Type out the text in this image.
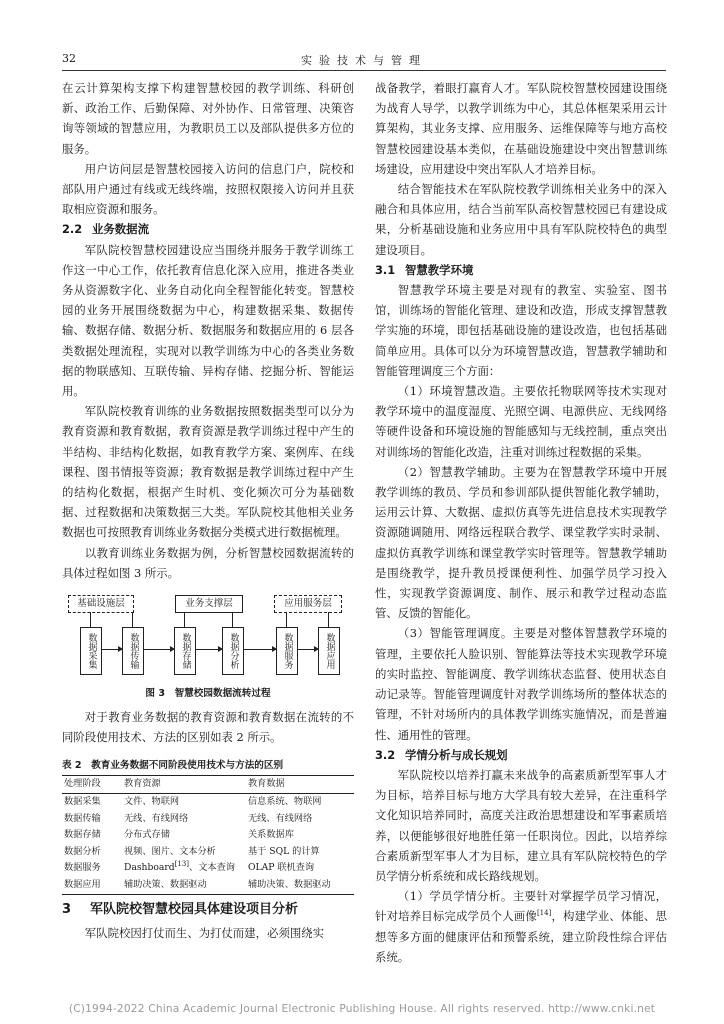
32	实验技术与管理

在云计算架构支撑下构建智慧校园的教学训练、科研创新、政治工作、后勤保障、对外协作、日常管理、决策咨询等领域的智慧应用，为教职员工以及部队提供多方位的服务。

用户访问层是智慧校园接入访问的信息门户，院校和部队用户通过有线或无线终端，按照权限接入访问并且获取相应资源和服务。

2.2 业务数据流

军队院校智慧校园建设应当围绕并服务于教学训练工作这一中心工作，依托教育信息化深入应用，推进各类业务从资源数字化、业务自动化向全程智能化转变。智慧校园的业务开展围绕数据为中心，构建数据采集、数据传输、数据存储、数据分析、数据服务和数据应用的 6 层各类数据处理流程，实现对以教学训练为中心的各类业务数据的物联感知、互联传输、异构存储、挖掘分析、智能运用。

军队院校教育训练的业务数据按照数据类型可以分为教育资源和教育数据，教育资源是教学训练过程中产生的半结构、非结构化数据，如教育教学方案、案例库、在线课程、图书情报等资源；教育数据是教学训练过程中产生的结构化数据，根据产生时机、变化频次可分为基础数据、过程数据和决策数据三大类。军队院校其他相关业务数据也可按照教育训练业务数据分类模式进行数据梳理。

以教育训练业务数据为例，分析智慧校园数据流转的具体过程如图 3 所示。

基础设施层	业务支撑层	应用服务层
数据采集	数据传输	数据存储	数据分析	数据服务	数据应用
图 3　智慧校园数据流转过程

对于教育业务数据的教育资源和教育数据在流转的不同阶段使用技术、方法的区别如表 2 所示。

表 2　教育业务数据不同阶段使用技术与方法的区别
处理阶段	教育资源	教育数据
数据采集	文件、物联网	信息系统、物联网
数据传输	无线、有线网络	无线、有线网络
数据存储	分布式存储	关系数据库
数据分析	视频、图片、文本分析	基于 SQL 的计算
数据服务	Dashboard[13]、文本查询	OLAP 联机查询
数据应用	辅助决策、数据驱动	辅助决策、数据驱动

3 军队院校智慧校园具体建设项目分析

军队院校因打仗而生、为打仗而建，必须围绕实

战备教学，着眼打赢育人才。军队院校智慧校园建设围绕为战育人导学，以教学训练为中心，其总体框架采用云计算架构，其业务支撑、应用服务、运维保障等与地方高校智慧校园建设基本类似，在基础设施建设中突出智慧训练场建设，应用建设中突出军队人才培养目标。

结合智能技术在军队院校教学训练相关业务中的深入融合和具体应用，结合当前军队高校智慧校园已有建设成果，分析基础设施和业务应用中具有军队院校特色的典型建设项目。

3.1 智慧教学环境

智慧教学环境主要是对现有的教室、实验室、图书馆，训练场的智能化管理、建设和改造，形成支撑智慧教学实施的环境，即包括基础设施的建设改造，也包括基础简单应用。具体可以分为环境智慧改造，智慧教学辅助和智能管理调度三个方面：

（1）环境智慧改造。主要依托物联网等技术实现对教学环境中的温度湿度、光照空调、电源供应、无线网络等硬件设备和环境设施的智能感知与无线控制，重点突出对训练场的智能化改造，注重对训练过程数据的采集。

（2）智慧教学辅助。主要为在智慧教学环境中开展教学训练的教员、学员和参训部队提供智能化教学辅助，运用云计算、大数据、虚拟仿真等先进信息技术实现教学资源随调随用、网络远程联合教学、课堂教学实时录制、虚拟仿真教学训练和课堂教学实时管理等。智慧教学辅助是围绕教学，提升教员授课便利性、加强学员学习投入性，实现教学资源调度、制作、展示和教学过程动态监管、反馈的智能化。

（3）智能管理调度。主要是对整体智慧教学环境的管理，主要依托人脸识别、智能算法等技术实现教学环境的实时监控、智能调度、教学训练状态监督、使用状态自动记录等。智能管理调度针对教学训练场所的整体状态的管理，不针对场所内的具体教学训练实施情况，而是普遍性、通用性的管理。

3.2 学情分析与成长规划

军队院校以培养打赢未来战争的高素质新型军事人才为目标，培养目标与地方大学具有较大差异，在注重科学文化知识培养同时，高度关注政治思想建设和军事素质培养，以便能够很好地胜任第一任职岗位。因此，以培养综合素质新型军事人才为目标，建立具有军队院校特色的学员学情分析系统和成长路线规划。

（1）学员学情分析。主要针对掌握学员学习情况，针对培养目标完成学员个人画像[14]，构建学业、体能、思想等多方面的健康评估和预警系统，建立阶段性综合评估系统。

(C)1994-2022 China Academic Journal Electronic Publishing House. All rights reserved. http://www.cnki.net
